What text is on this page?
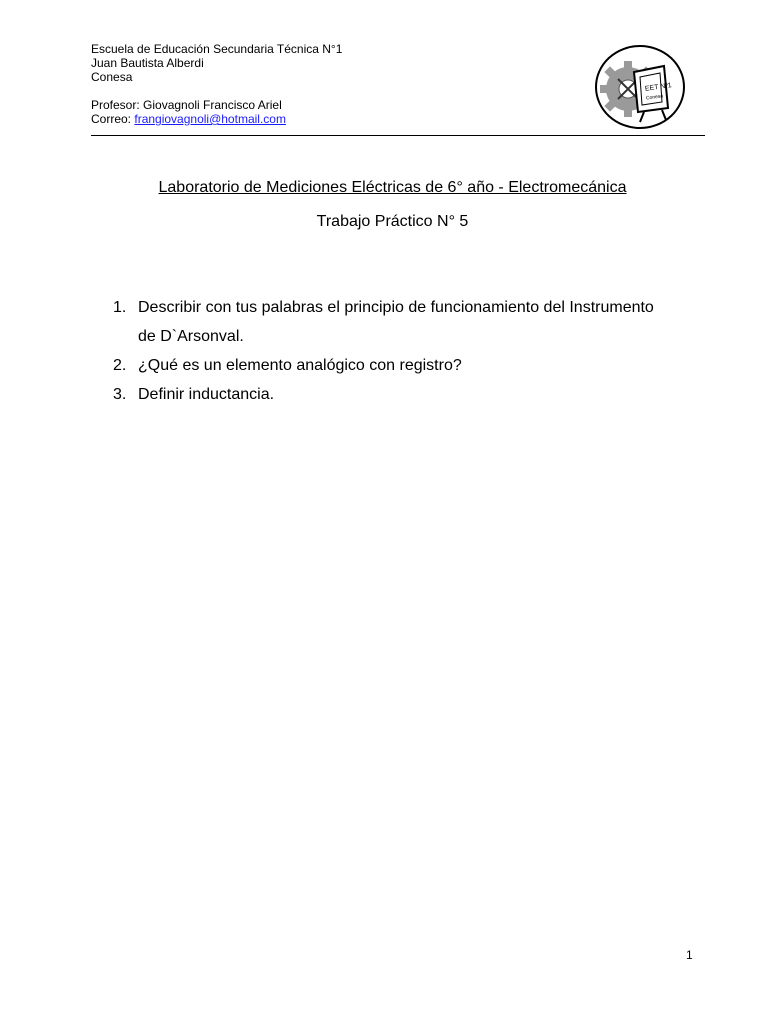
Escuela de Educación Secundaria Técnica N°1
Juan Bautista Alberdi
Conesa
Profesor: Giovagnoli Francisco Ariel
Correo: frangiovagnoli@hotmail.com
EET Nº1
Conesa
Laboratorio de Mediciones Eléctricas de 6° año - Electromecánica
Trabajo Práctico N° 5
1. Describir con tus palabras el principio de funcionamiento del Instrumento de D`Arsonval.
2. ¿Qué es un elemento analógico con registro?
3. Definir inductancia.
1
